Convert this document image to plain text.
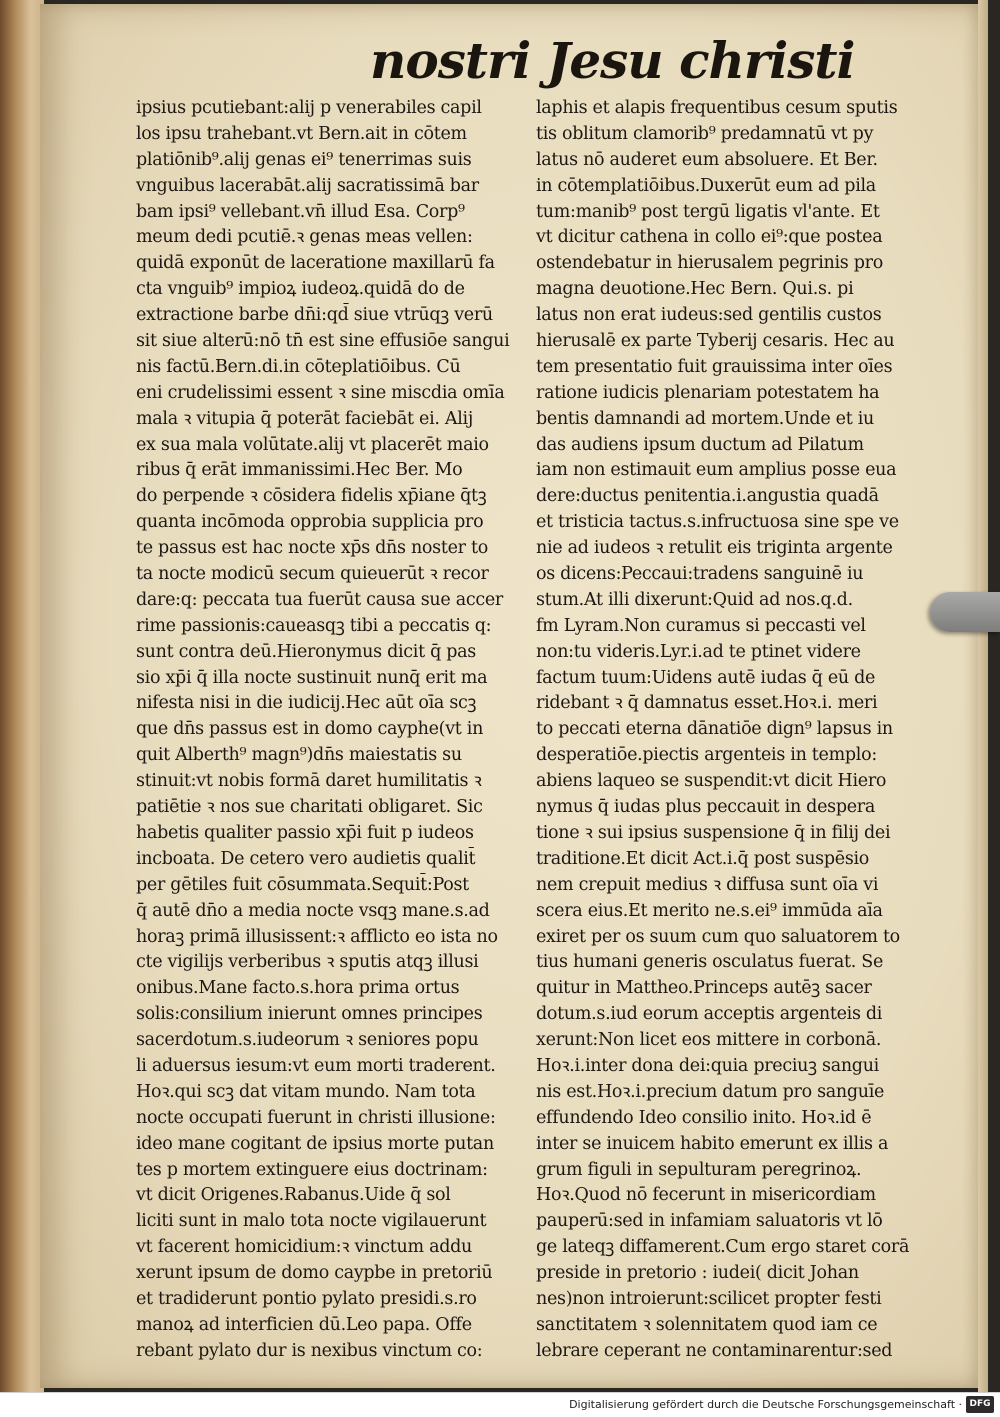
nostri Jesu christi
ipsius pcutiebant:alij p venerabiles capil
los ipsu trahebant.vt Bern.ait in cōtem
platiōnib⁹.alij genas ei⁹ tenerrimas suis
vnguibus lacerabāt.alij sacratissimā bar
bam ipsi⁹ vellebant.vn̄ illud Esa. Corp⁹
meum dedi pcutiē.ꝛ genas meas vellen:
quidā exponūt de laceratione maxillarū fa
cta vnguib⁹ impioꝝ iudeoꝝ.quidā do de
extractione barbe dn̄i:qd̄ siue vtrūqꝫ verū
sit siue alterū:nō tn̄ est sine effusiōe sangui
nis factū.Bern.di.in cōteplatiōibus. Cū
eni crudelissimi essent ꝛ sine miscdia omīa
mala ꝛ vitupia q̄ poterāt faciebāt ei. Alij
ex sua mala volūtate.alij vt placerēt maio
ribus q̄ erāt immanissimi.Hec Ber. Mo
do perpende ꝛ cōsidera fidelis xp̄iane q̄tꝫ
quanta incōmoda opprobia supplicia pro
te passus est hac nocte xp̄s dn̄s noster to
ta nocte modicū secum quieuerūt ꝛ recor
dare:q: peccata tua fuerūt causa sue accer
rime passionis:caueasqꝫ tibi a peccatis q:
sunt contra deū.Hieronymus dicit q̄ pas
sio xp̄i q̄ illa nocte sustinuit nunq̄ erit ma
nifesta nisi in die iudicij.Hec aūt oīa scꝫ
que dn̄s passus est in domo cayphe(vt in
quit Alberth⁹ magn⁹)dn̄s maiestatis su
stinuit:vt nobis formā daret humilitatis ꝛ
patiētie ꝛ nos sue charitati obligaret. Sic
habetis qualiter passio xp̄i fuit p iudeos
incboata. De cetero vero audietis qualit̄
per gētiles fuit cōsummata.Sequit̄:Post
q̄ autē dn̄o a media nocte vsqꝫ mane.s.ad
horaꝫ primā illusissent:ꝛ afflicto eo ista no
cte vigilijs verberibus ꝛ sputis atqꝫ illusi
onibus.Mane facto.s.hora prima ortus
solis:consilium inierunt omnes principes
sacerdotum.s.iudeorum ꝛ seniores popu
li aduersus iesum:vt eum morti traderent.
Hoꝛ.qui scꝫ dat vitam mundo. Nam tota
nocte occupati fuerunt in christi illusione:
ideo mane cogitant de ipsius morte putan
tes p mortem extinguere eius doctrinam:
vt dicit Origenes.Rabanus.Uide q̄ sol
liciti sunt in malo tota nocte vigilauerunt
vt facerent homicidium:ꝛ vinctum addu
xerunt ipsum de domo caypbe in pretoriū
et tradiderunt pontio pylato presidi.s.ro
manoꝝ ad interficien dū.Leo papa. Offe
rebant pylato dur is nexibus vinctum co:
laphis et alapis frequentibus cesum sputis
tis oblitum clamorib⁹ predamnatū vt py
latus nō auderet eum absoluere. Et Ber.
in cōtemplatiōibus.Duxerūt eum ad pila
tum:manib⁹ post tergū ligatis vl'ante. Et
vt dicitur cathena in collo ei⁹:que postea
ostendebatur in hierusalem pegrinis pro
magna deuotione.Hec Bern. Qui.s. pi
latus non erat iudeus:sed gentilis custos
hierusalē ex parte Tyberij cesaris. Hec au
tem presentatio fuit grauissima inter oīes
ratione iudicis plenariam potestatem ha
bentis damnandi ad mortem.Unde et iu
das audiens ipsum ductum ad Pilatum
iam non estimauit eum amplius posse eua
dere:ductus penitentia.i.angustia quadā
et tristicia tactus.s.infructuosa sine spe ve
nie ad iudeos ꝛ retulit eis triginta argente
os dicens:Peccaui:tradens sanguinē iu
stum.At illi dixerunt:Quid ad nos.q.d.
fm Lyram.Non curamus si peccasti vel
non:tu videris.Lyr.i.ad te ptinet videre
factum tuum:Uidens autē iudas q̄ eū de
ridebant ꝛ q̄ damnatus esset.Hoꝛ.i. meri
to peccati eterna dānatiōe dign⁹ lapsus in
desperatiōe.piectis argenteis in templo:
abiens laqueo se suspendit:vt dicit Hiero
nymus q̄ iudas plus peccauit in despera
tione ꝛ sui ipsius suspensione q̄ in filij dei
traditione.Et dicit Act.i.q̄ post suspēsio
nem crepuit medius ꝛ diffusa sunt oīa vi
scera eius.Et merito ne.s.ei⁹ immūda aīa
exiret per os suum cum quo saluatorem to
tius humani generis osculatus fuerat. Se
quitur in Mattheo.Princeps autēꝫ sacer
dotum.s.iud eorum acceptis argenteis di
xerunt:Non licet eos mittere in corbonā.
Hoꝛ.i.inter dona dei:quia preciuꝫ sangui
nis est.Hoꝛ.i.precium datum pro sanguīe
effundendo Ideo consilio inito. Hoꝛ.id ē
inter se inuicem habito emerunt ex illis a
grum figuli in sepulturam peregrinoꝝ.
Hoꝛ.Quod nō fecerunt in misericordiam
pauperū:sed in infamiam saluatoris vt lō
ge lateqꝫ diffamerent.Cum ergo staret corā
preside in pretorio : iudei( dicit Johan
nes)non introierunt:scilicet propter festi
sanctitatem ꝛ solennitatem quod iam ce
lebrare ceperant ne contaminarentur:sed
Digitalisierung gefördert durch die Deutsche Forschungsgemeinschaft · DFG
